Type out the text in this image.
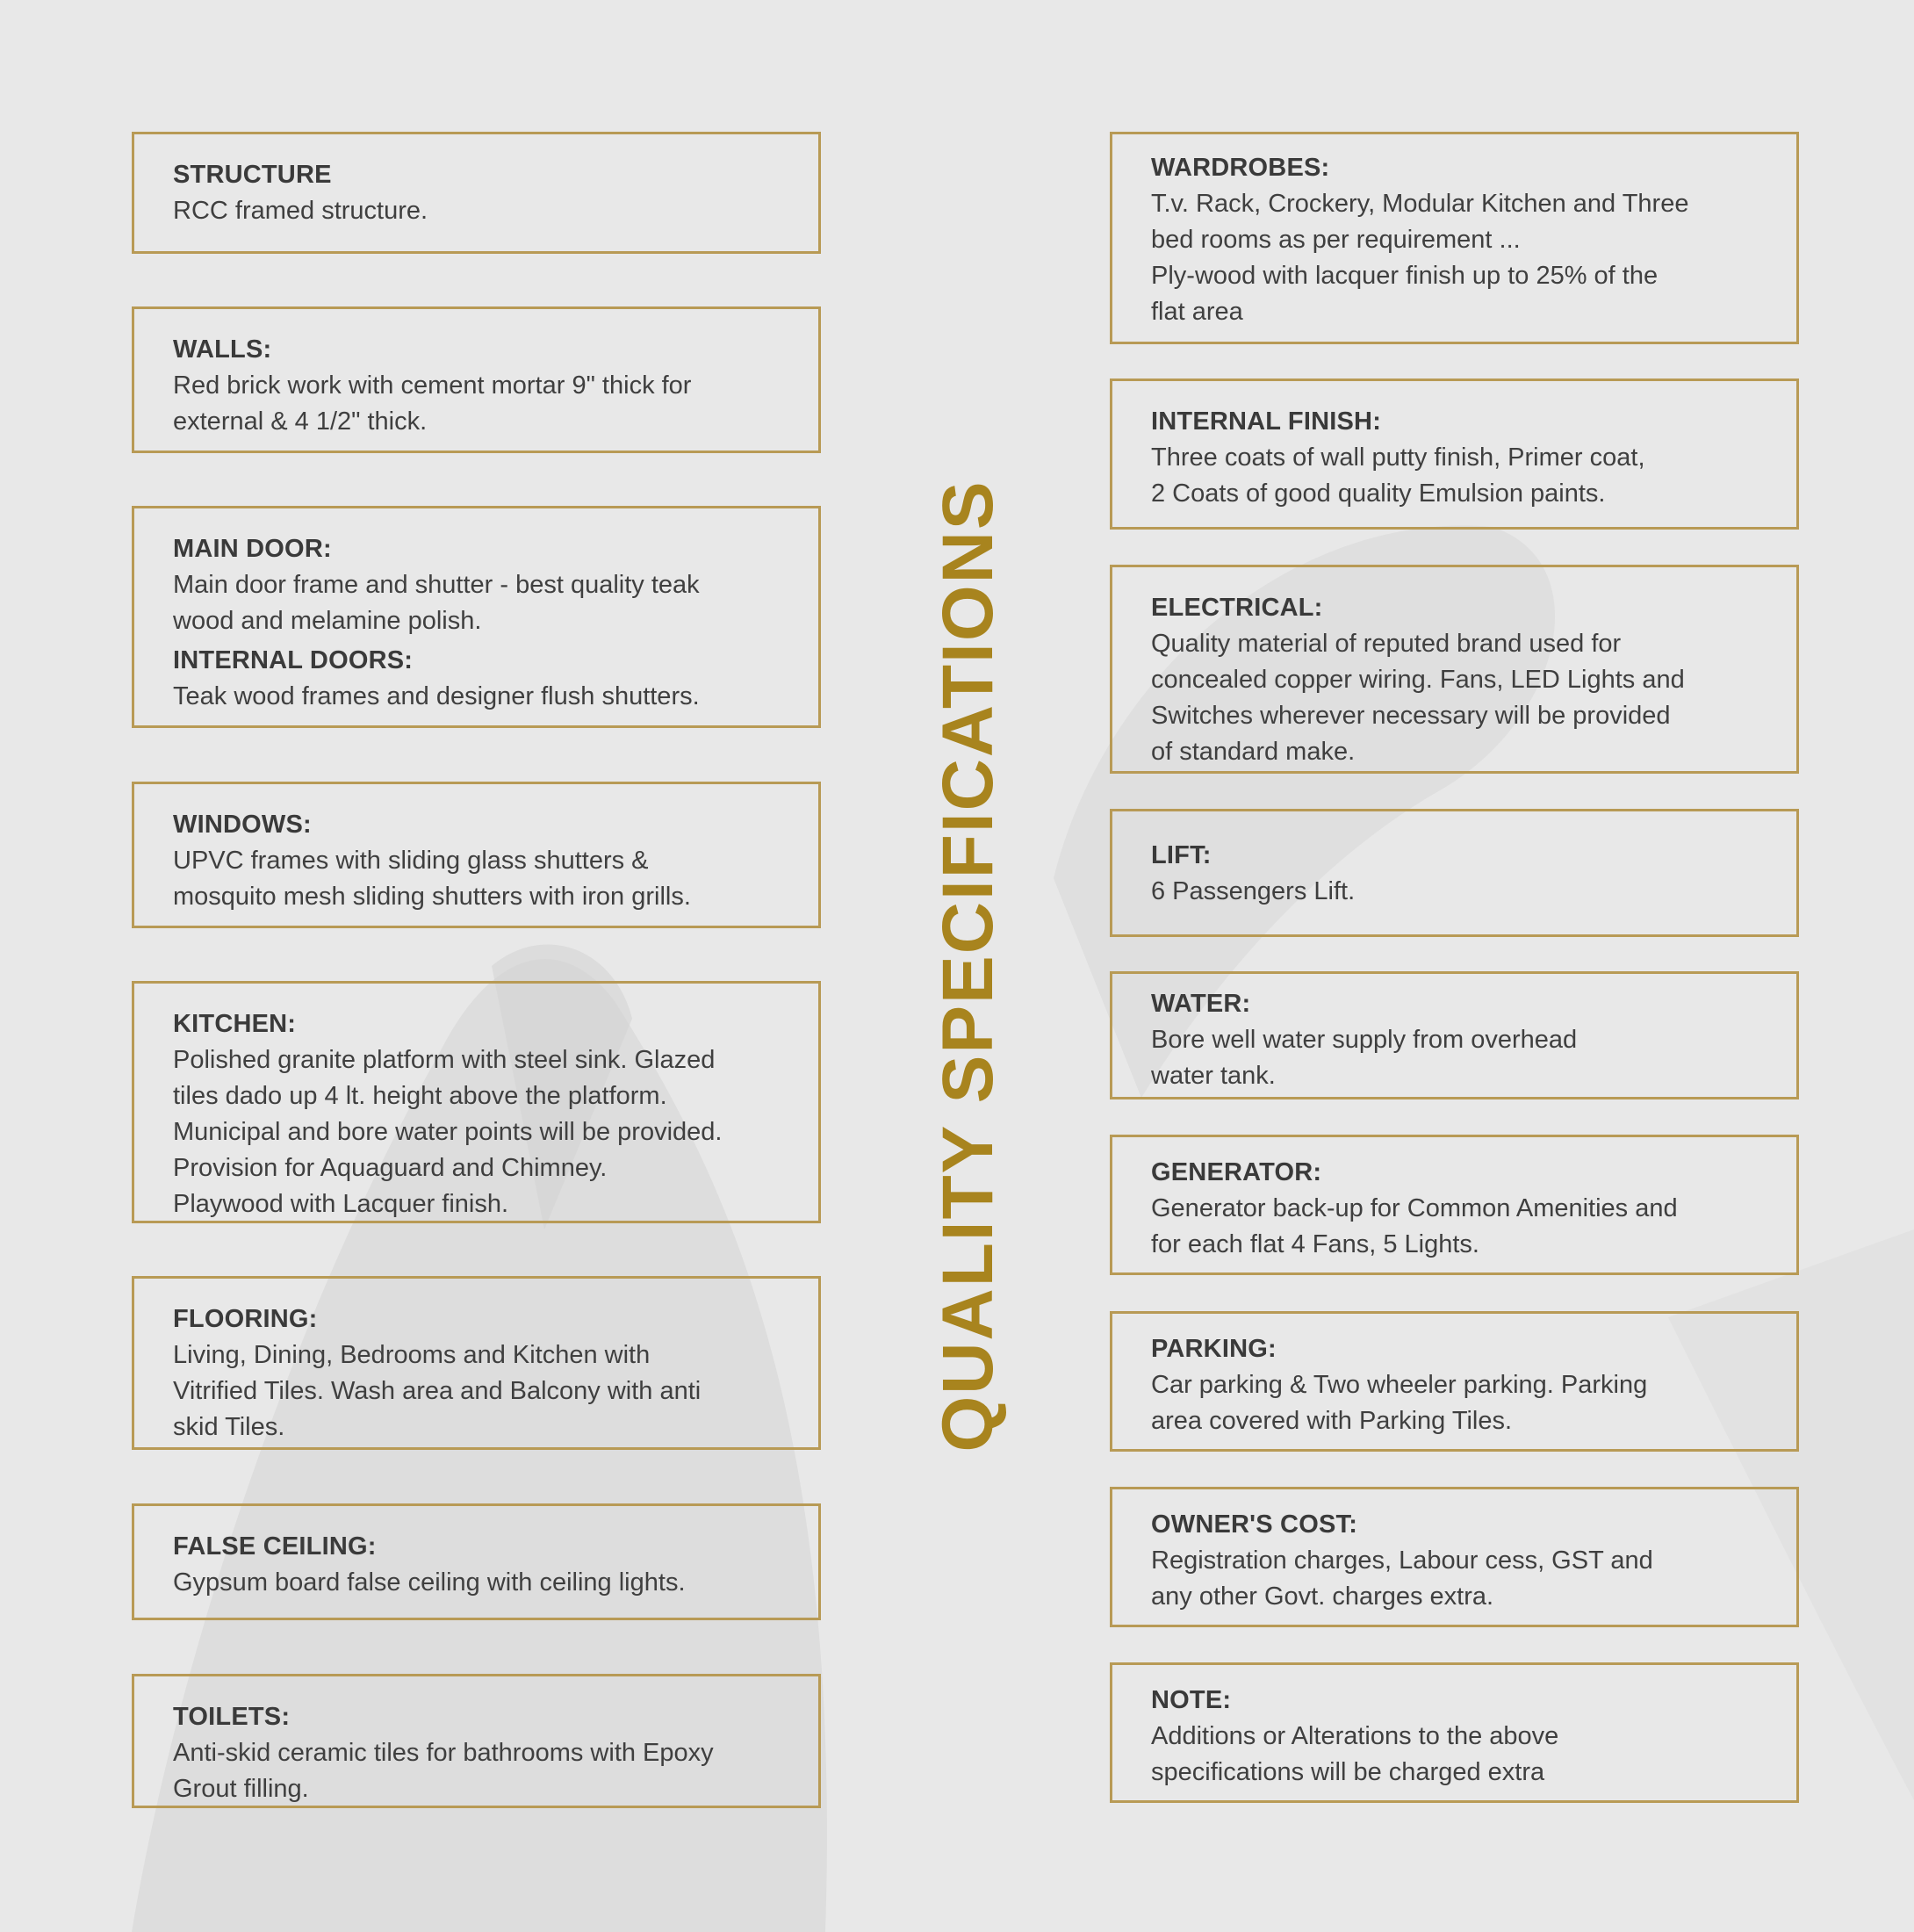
QUALITY SPECIFICATIONS

STRUCTURE

RCC framed structure.

WALLS:

Red brick work with cement mortar 9" thick for

external & 4 1/2" thick.

MAIN DOOR:

Main door frame and shutter - best quality teak

wood and melamine polish.

INTERNAL DOORS:

Teak wood frames and designer flush shutters.

WINDOWS:

UPVC frames with sliding glass shutters &

mosquito mesh sliding shutters with iron grills.

KITCHEN:

Polished granite platform with steel sink. Glazed

tiles dado up 4 lt. height above the platform.

Municipal and bore water points will be provided.

Provision for Aquaguard and Chimney.

Playwood with Lacquer finish.

FLOORING:

Living, Dining, Bedrooms and Kitchen with

Vitrified Tiles. Wash area and Balcony with anti

skid Tiles.

FALSE CEILING:

Gypsum board false ceiling with ceiling lights.

TOILETS:

Anti-skid ceramic tiles for bathrooms with Epoxy

Grout filling.

WARDROBES:

T.v. Rack, Crockery, Modular Kitchen and Three

bed rooms as per requirement ...

Ply-wood with lacquer finish up to 25% of the

flat area

INTERNAL FINISH:

Three coats of wall putty finish, Primer coat,

2 Coats of good quality Emulsion paints.

ELECTRICAL:

Quality material of reputed brand used for

concealed copper wiring. Fans, LED Lights and

Switches wherever necessary will be provided

of standard make.

LIFT:

6 Passengers Lift.

WATER:

Bore well water supply from overhead

water tank.

GENERATOR:

Generator back-up for Common Amenities and

for each flat 4 Fans, 5 Lights.

PARKING:

Car parking & Two wheeler parking. Parking

area covered with Parking Tiles.

OWNER'S COST:

Registration charges, Labour cess, GST and

any other Govt. charges extra.

NOTE:

Additions or Alterations to the above

specifications will be charged extra
